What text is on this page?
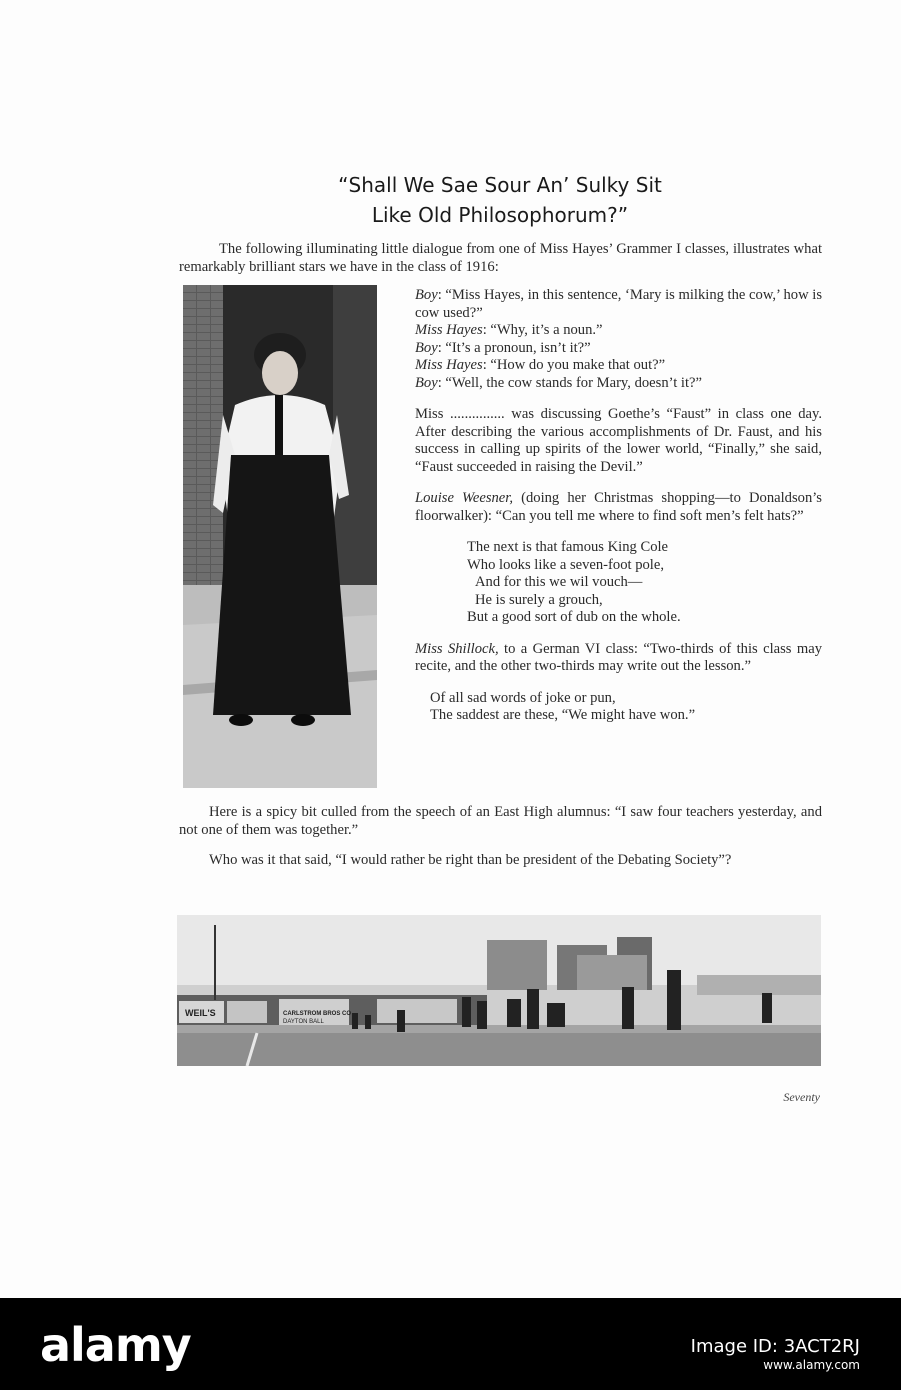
“Shall We Sae Sour An’ Sulky Sit
Like Old Philosophorum?”

The following illuminating little dialogue from one of Miss Hayes’ Grammer I classes, illustrates what remarkably brilliant stars we have in the class of 1916:

Boy: “Miss Hayes, in this sentence, ‘Mary is milking the cow,’ how is cow used?”

Miss Hayes: “Why, it’s a noun.”

Boy: “It’s a pronoun, isn’t it?”

Miss Hayes: “How do you make that out?”

Boy: “Well, the cow stands for Mary, doesn’t it?”

Miss ............... was discussing Goethe’s “Faust” in class one day. After describing the various accomplishments of Dr. Faust, and his success in calling up spirits of the lower world, “Finally,” she said, “Faust succeeded in raising the Devil.”

Louise Weesner, (doing her Christmas shopping—to Donaldson’s floorwalker): “Can you tell me where to find soft men’s felt hats?”

The next is that famous King Cole
Who looks like a seven-foot pole,
And for this we wil vouch—
He is surely a grouch,
But a good sort of dub on the whole.

Miss Shillock, to a German VI class: “Two-thirds of this class may recite, and the other two-thirds may write out the lesson.”

Of all sad words of joke or pun,
The saddest are these, “We might have won.”

Here is a spicy bit culled from the speech of an East High alumnus: “I saw four teachers yesterday, and not one of them was together.”

Who was it that said, “I would rather be right than be president of the Debating Society”?

WEIL'S	CARLSTROM BROS CO
DAYTON BALL

Seventy

alamy	Image ID: 3ACT2RJ

www.alamy.com
